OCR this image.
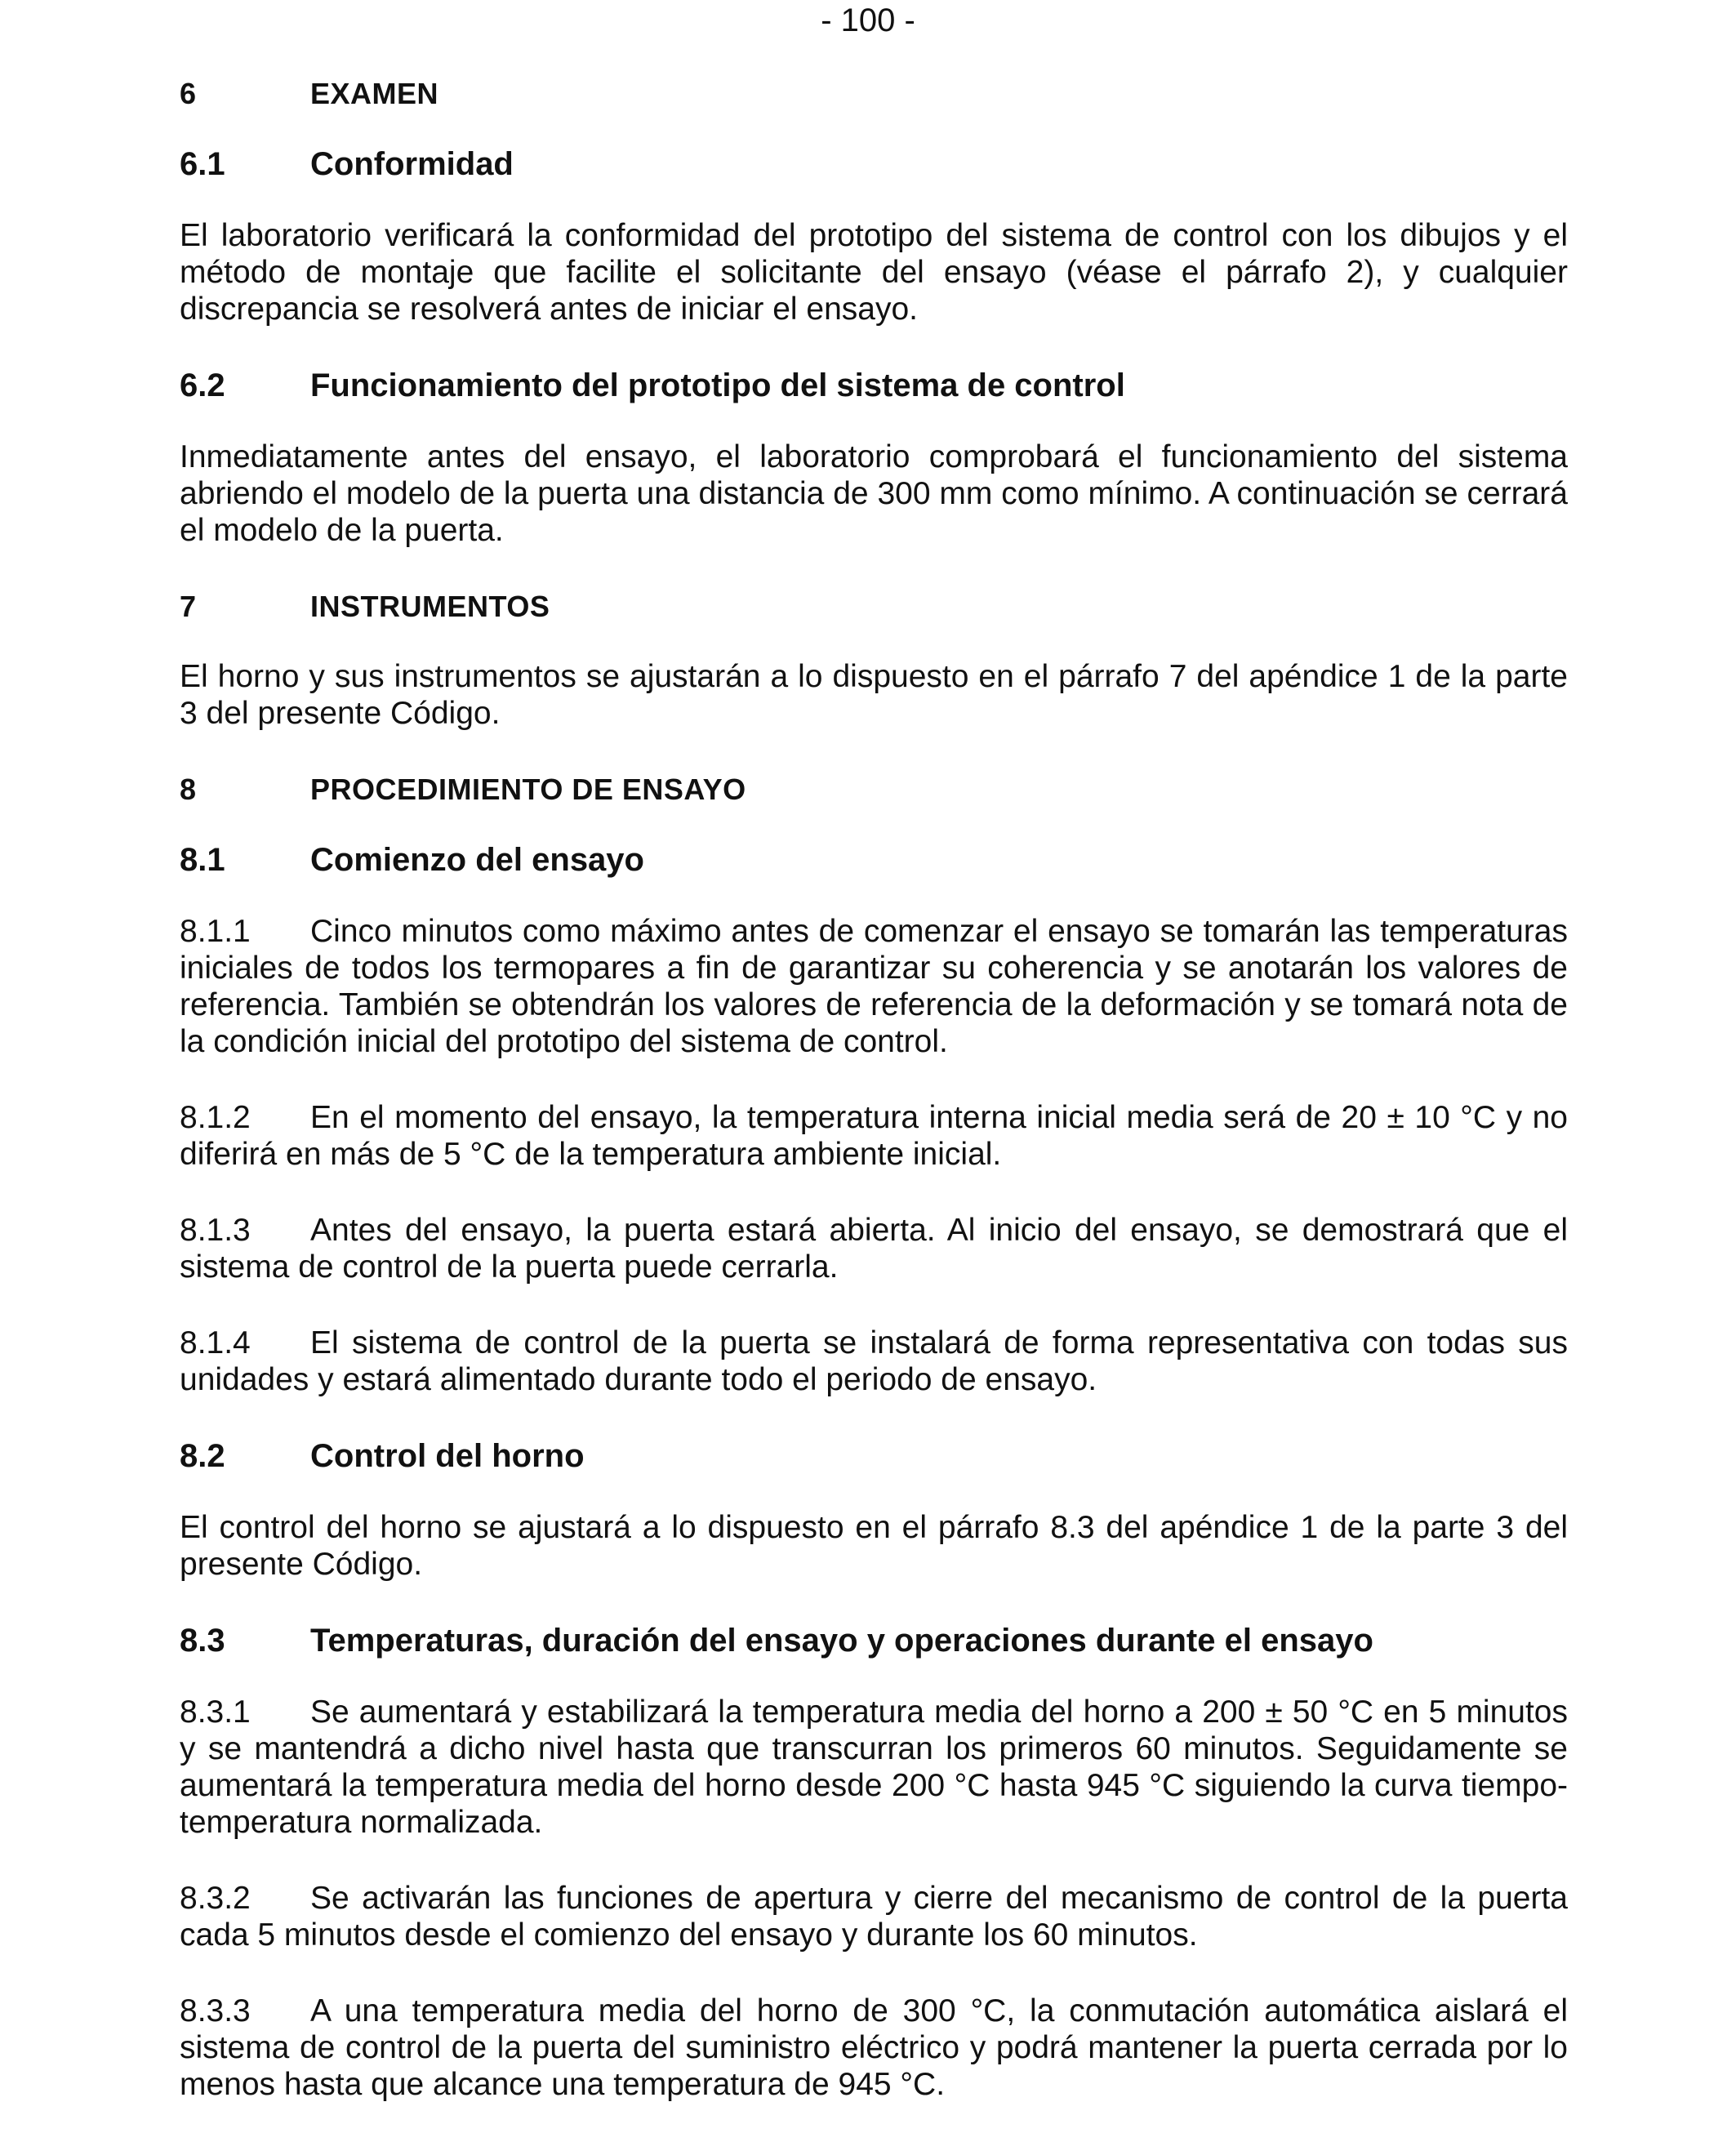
- 100 -
6	EXAMEN
6.1	Conformidad

El laboratorio verificará la conformidad del prototipo del sistema de control con los dibujos y el método de montaje que facilite el solicitante del ensayo (véase el párrafo 2), y cualquier discrepancia se resolverá antes de iniciar el ensayo.

6.2	Funcionamiento del prototipo del sistema de control

Inmediatamente antes del ensayo, el laboratorio comprobará el funcionamiento del sistema abriendo el modelo de la puerta una distancia de 300 mm como mínimo. A continuación se cerrará el modelo de la puerta.

7	INSTRUMENTOS

El horno y sus instrumentos se ajustarán a lo dispuesto en el párrafo 7 del apéndice 1 de la parte 3 del presente Código.

8	PROCEDIMIENTO DE ENSAYO
8.1	Comienzo del ensayo

8.1.1 Cinco minutos como máximo antes de comenzar el ensayo se tomarán las temperaturas iniciales de todos los termopares a fin de garantizar su coherencia y se anotarán los valores de referencia. También se obtendrán los valores de referencia de la deformación y se tomará nota de la condición inicial del prototipo del sistema de control.

8.1.2 En el momento del ensayo, la temperatura interna inicial media será de 20 ± 10 °C y no diferirá en más de 5 °C de la temperatura ambiente inicial.

8.1.3 Antes del ensayo, la puerta estará abierta. Al inicio del ensayo, se demostrará que el sistema de control de la puerta puede cerrarla.

8.1.4 El sistema de control de la puerta se instalará de forma representativa con todas sus unidades y estará alimentado durante todo el periodo de ensayo.

8.2	Control del horno

El control del horno se ajustará a lo dispuesto en el párrafo 8.3 del apéndice 1 de la parte 3 del presente Código.

8.3	Temperaturas, duración del ensayo y operaciones durante el ensayo

8.3.1 Se aumentará y estabilizará la temperatura media del horno a 200 ± 50 °C en 5 minutos y se mantendrá a dicho nivel hasta que transcurran los primeros 60 minutos. Seguidamente se aumentará la temperatura media del horno desde 200 °C hasta 945 °C siguiendo la curva tiempo-temperatura normalizada.

8.3.2 Se activarán las funciones de apertura y cierre del mecanismo de control de la puerta cada 5 minutos desde el comienzo del ensayo y durante los 60 minutos.

8.3.3 A una temperatura media del horno de 300 °C, la conmutación automática aislará el sistema de control de la puerta del suministro eléctrico y podrá mantener la puerta cerrada por lo menos hasta que alcance una temperatura de 945 °C.
